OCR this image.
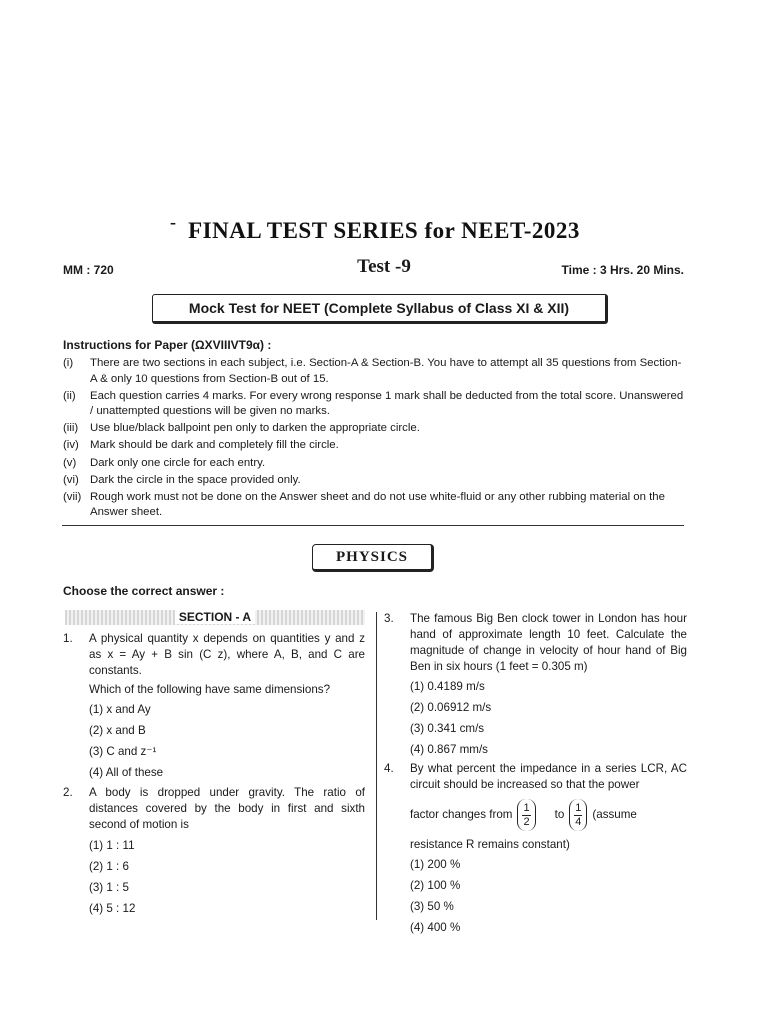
- FINAL TEST SERIES for NEET-2023
MM : 720	Test -9	Time : 3 Hrs. 20 Mins.
Mock Test for NEET (Complete Syllabus of Class XI & XII)
Instructions for Paper (ΩXVIIIVT9α) :
(i)	There are two sections in each subject, i.e. Section-A & Section-B. You have to attempt all 35 questions from Section-A & only 10 questions from Section-B out of 15.
(ii)	Each question carries 4 marks. For every wrong response 1 mark shall be deducted from the total score. Unanswered / unattempted questions will be given no marks.
(iii)	Use blue/black ballpoint pen only to darken the appropriate circle.
(iv) Mark should be dark and completely fill the circle.
(v)	Dark only one circle for each entry.
(vi) Dark the circle in the space provided only.
(vii) Rough work must not be done on the Answer sheet and do not use white-fluid or any other rubbing material on the Answer sheet.
PHYSICS
Choose the correct answer :
SECTION - A
1.	A physical quantity x depends on quantities y and z as x = Ay + B sin (C z), where A, B, and C are constants.
Which of the following have same dimensions?
(1) x and Ay
(2) x and B
(3) C and z⁻¹
(4) All of these
2.	A body is dropped under gravity. The ratio of distances covered by the body in first and sixth second of motion is
(1) 1 : 11
(2) 1 : 6
(3) 1 : 5
(4) 5 : 12
3.	The famous Big Ben clock tower in London has hour hand of approximate length 10 feet. Calculate the magnitude of change in velocity of hour hand of Big Ben in six hours (1 feet = 0.305 m)
(1) 0.4189 m/s
(2) 0.06912 m/s
(3) 0.341 cm/s
(4) 0.867 mm/s
4.	By what percent the impedance in a series LCR, AC circuit should be increased so that the power
factor changes from $\frac{1}{2}$ to $\frac{1}{4}$ (assume
resistance R remains constant)
(1) 200 %
(2) 100 %
(3) 50 %
(4) 400 %
